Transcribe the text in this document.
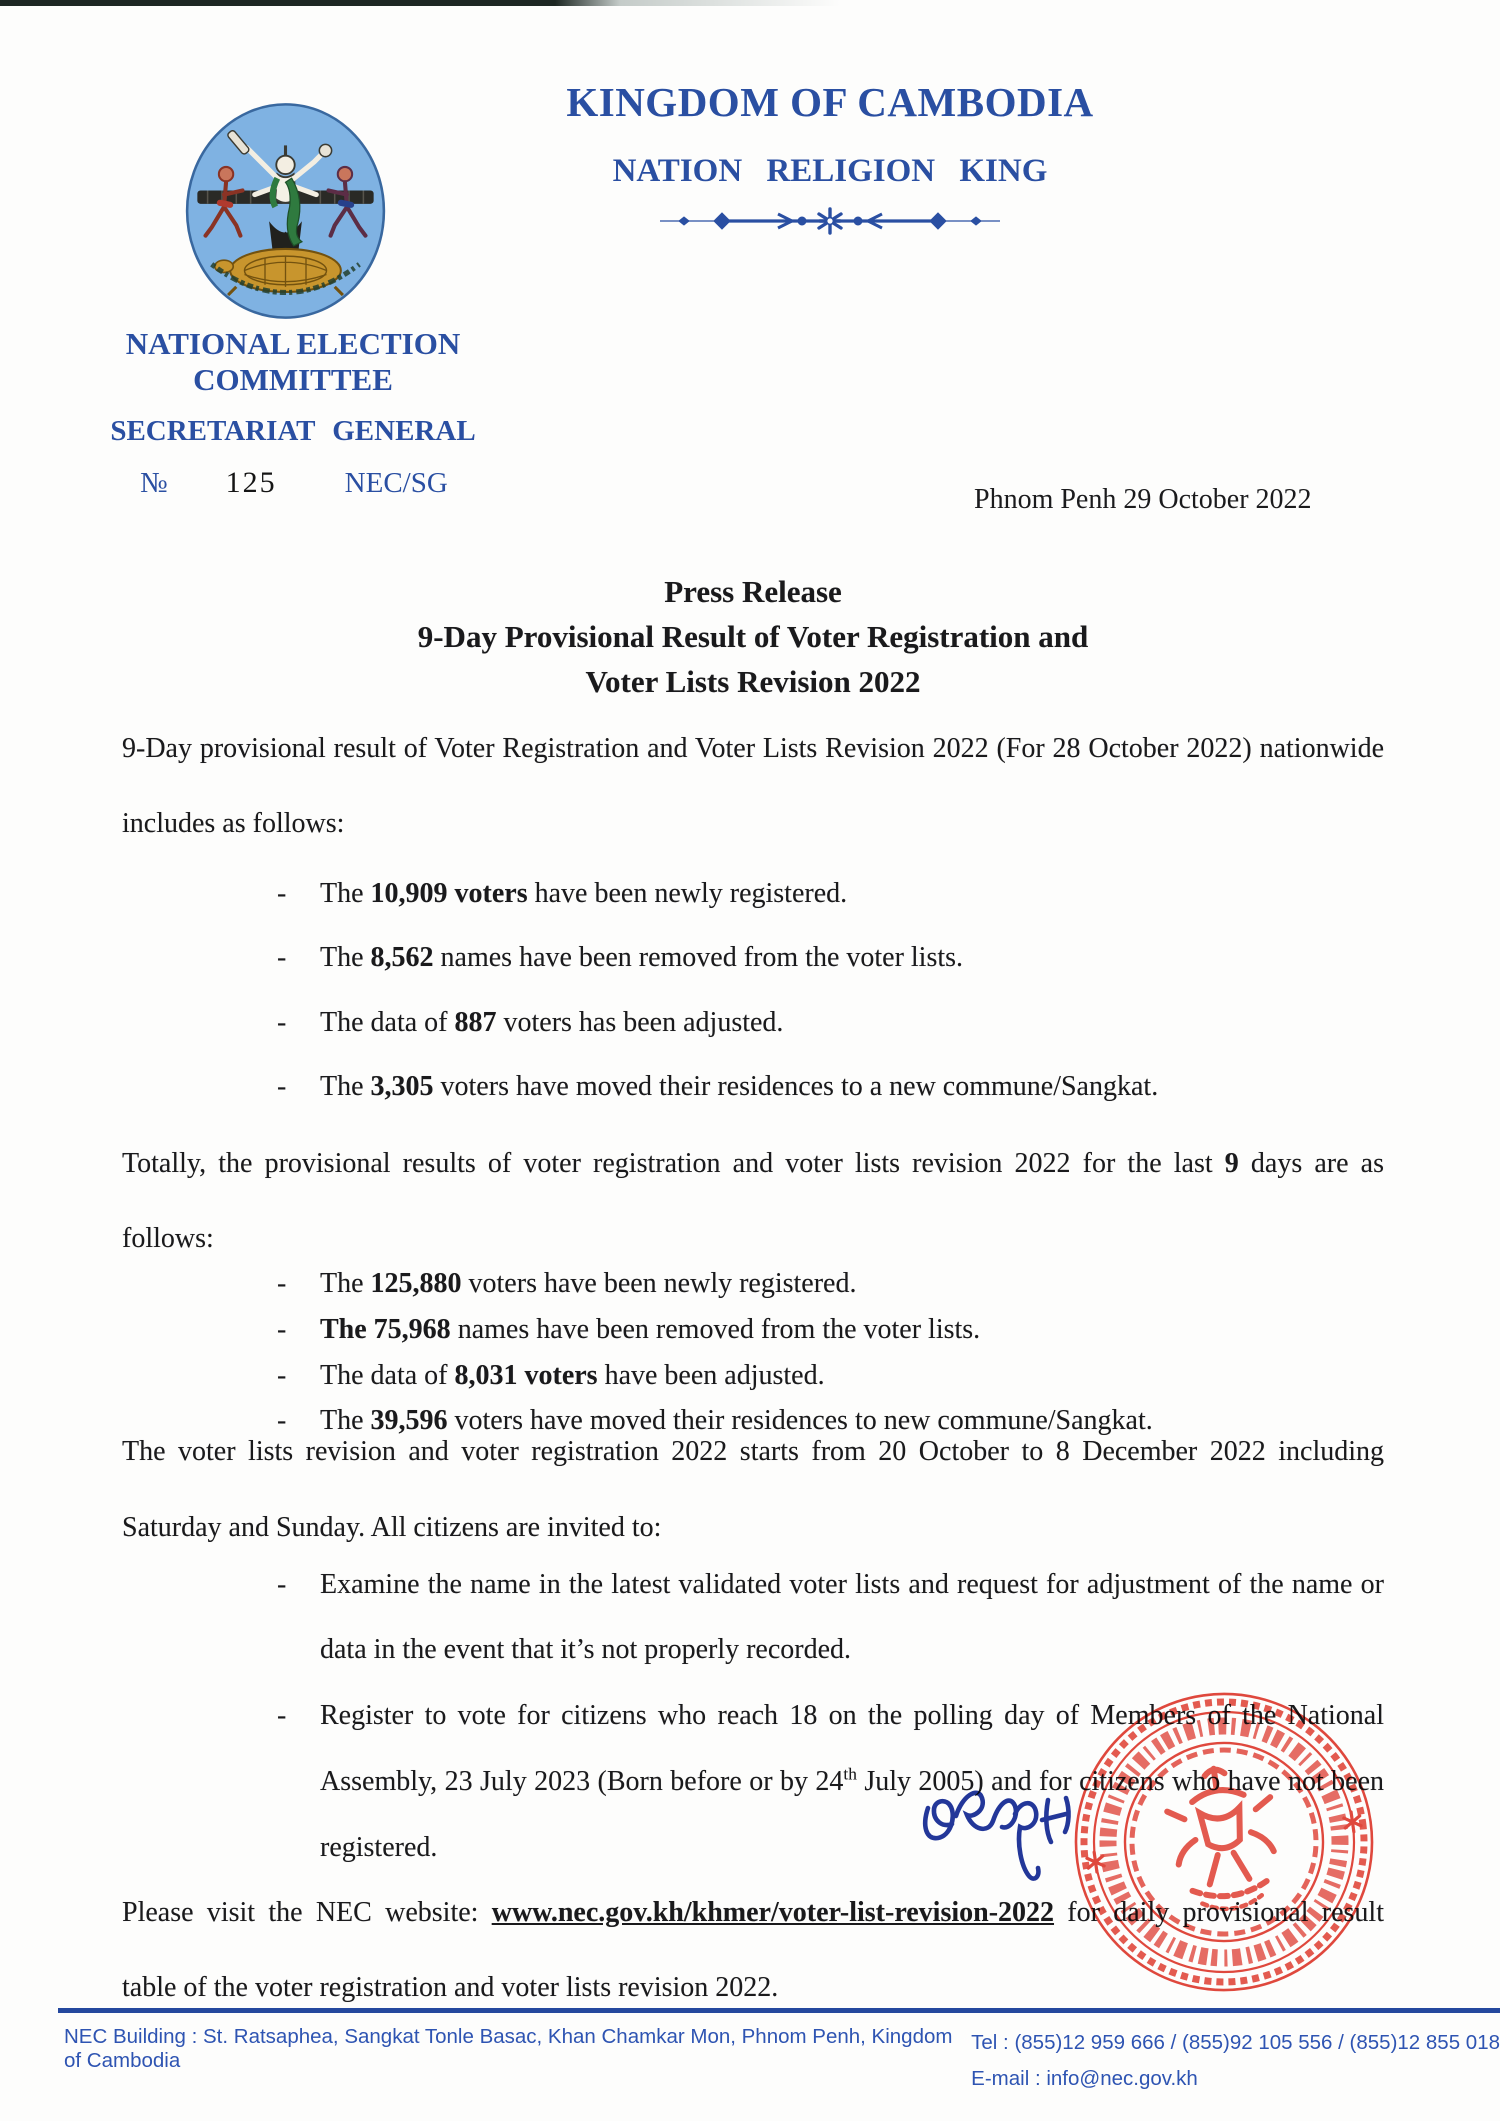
KINGDOM OF CAMBODIA
NATION RELIGION KING
NATIONAL ELECTION COMMITTEE
SECRETARIAT GENERAL
№ 125 NEC/SG
Phnom Penh 29 October 2022
Press Release
9-Day Provisional Result of Voter Registration and
Voter Lists Revision 2022

9-Day provisional result of Voter Registration and Voter Lists Revision 2022 (For 28 October 2022) nationwide includes as follows:

- The 10,909 voters have been newly registered.
- The 8,562 names have been removed from the voter lists.
- The data of 887 voters has been adjusted.
- The 3,305 voters have moved their residences to a new commune/Sangkat.

Totally, the provisional results of voter registration and voter lists revision 2022 for the last 9 days are as follows:

- The 125,880 voters have been newly registered.
- The 75,968 names have been removed from the voter lists.
- The data of 8,031 voters have been adjusted.
- The 39,596 voters have moved their residences to new commune/Sangkat.

The voter lists revision and voter registration 2022 starts from 20 October to 8 December 2022 including Saturday and Sunday. All citizens are invited to:

- Examine the name in the latest validated voter lists and request for adjustment of the name or data in the event that it’s not properly recorded.
- Register to vote for citizens who reach 18 on the polling day of Members of the National Assembly, 23 July 2023 (Born before or by 24th July 2005) and for citizens who have not been registered.

Please visit the NEC website: www.nec.gov.kh/khmer/voter-list-revision-2022 for daily provisional result table of the voter registration and voter lists revision 2022.

NEC Building : St. Ratsaphea, Sangkat Tonle Basac, Khan Chamkar Mon, Phnom Penh, Kingdom of Cambodia
Tel : (855)12 959 666 / (855)92 105 556 / (855)12 855 018
E-mail : info@nec.gov.kh
